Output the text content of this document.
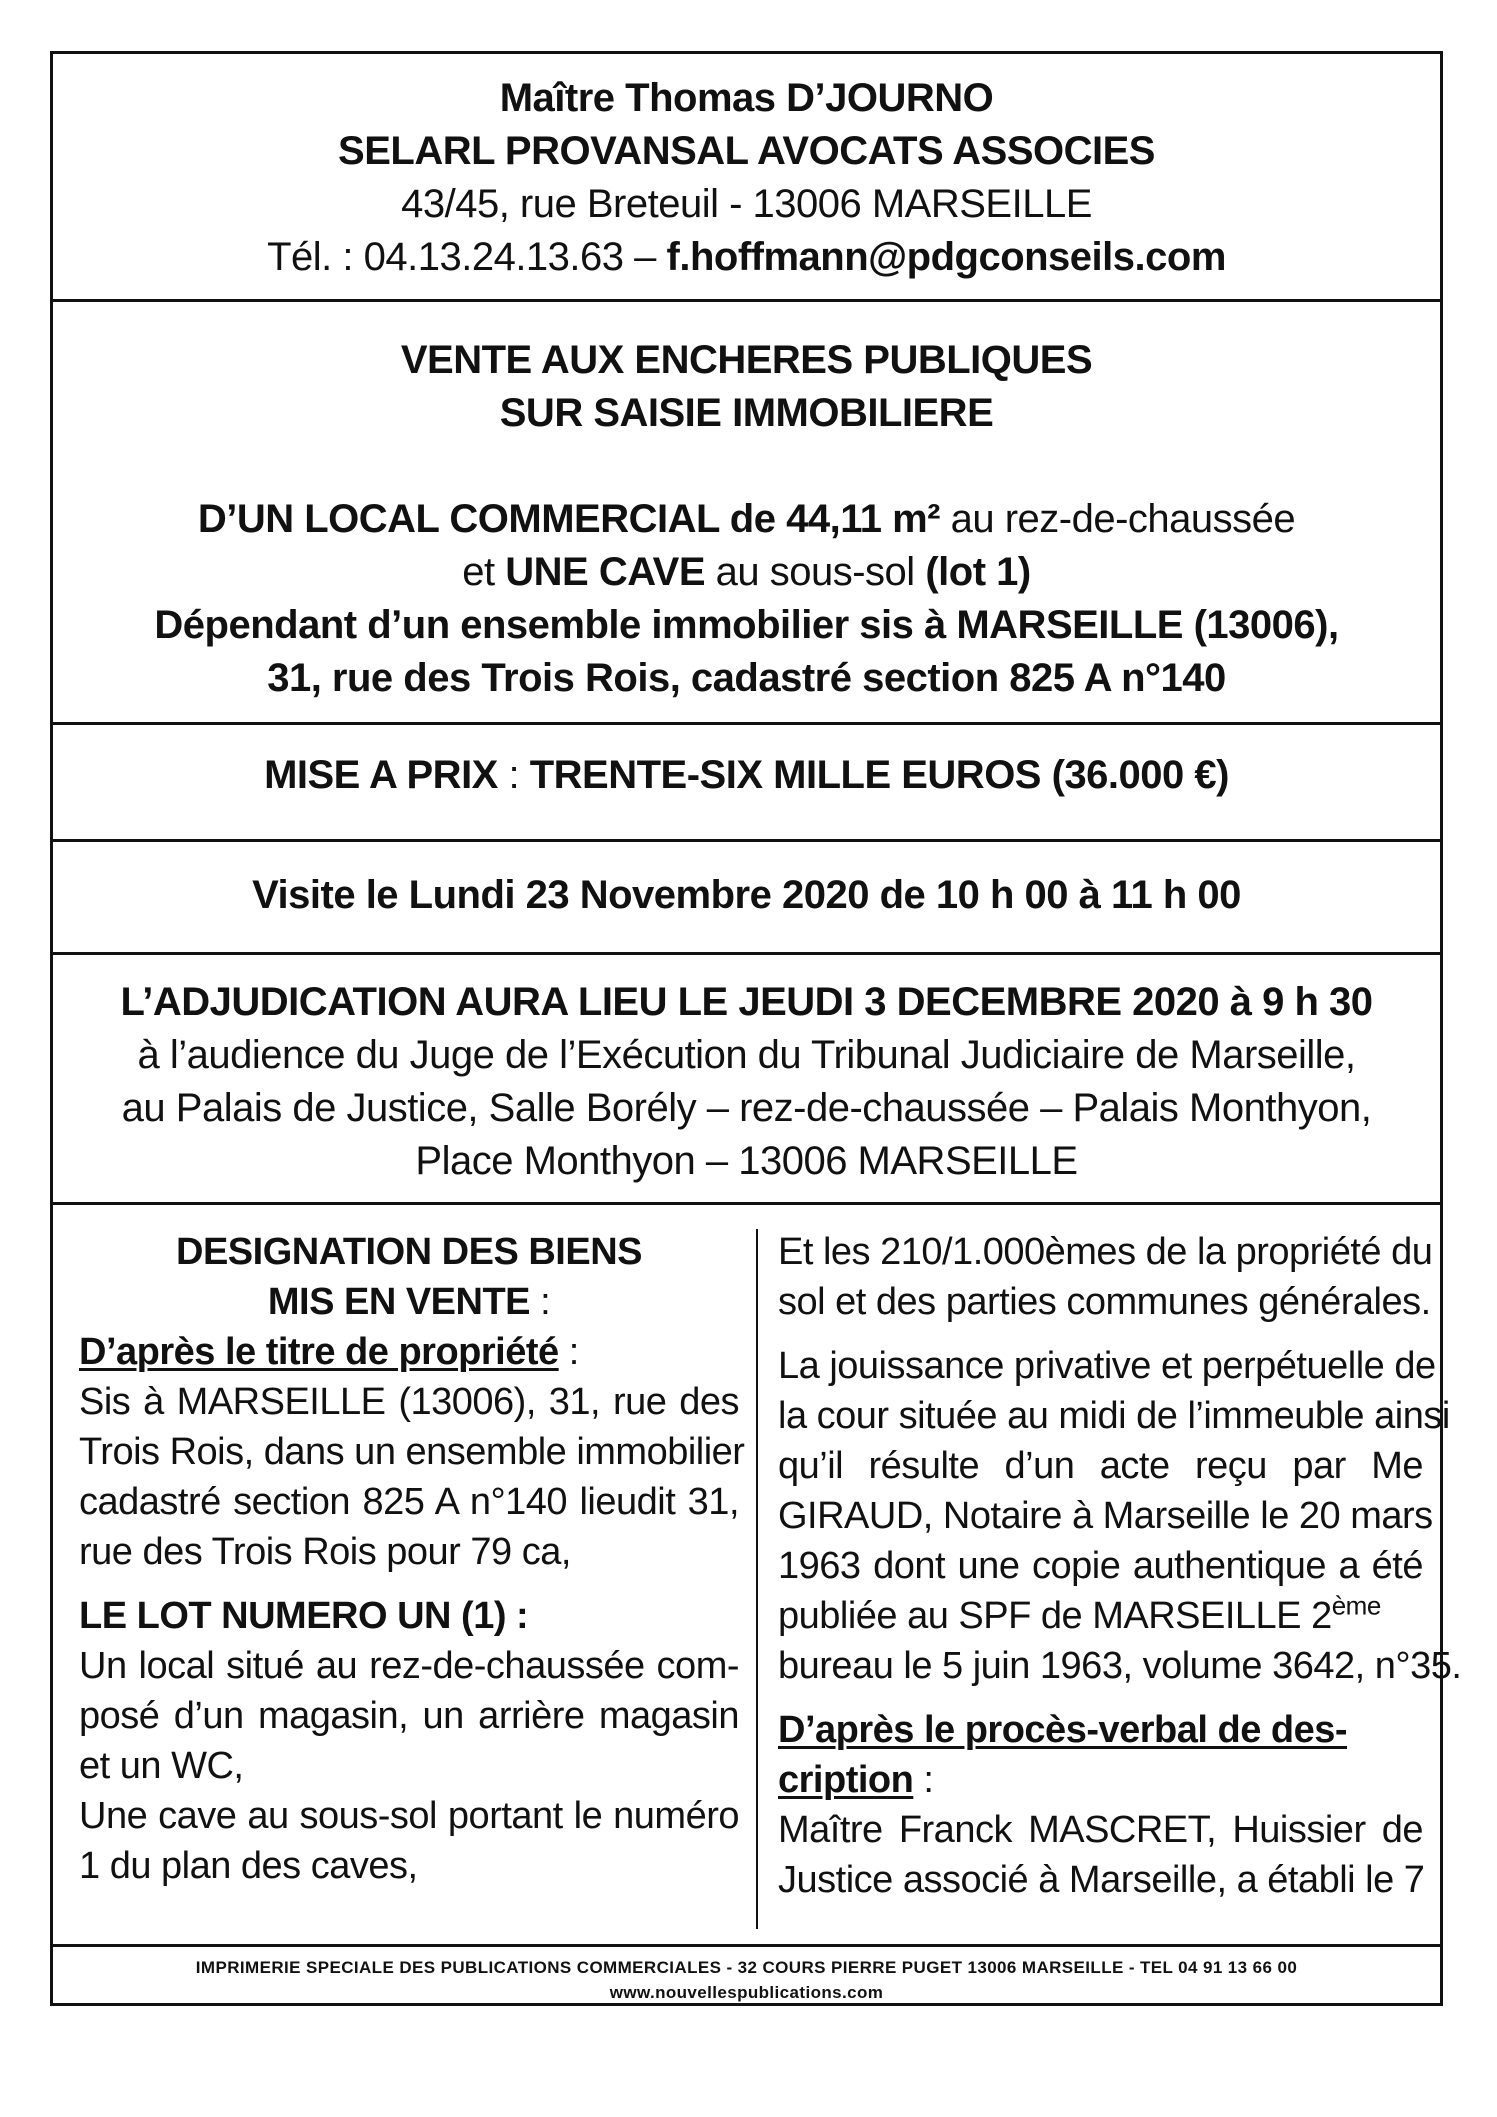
Maître Thomas D’JOURNO
SELARL PROVANSAL AVOCATS ASSOCIES
43/45, rue Breteuil - 13006 MARSEILLE
Tél. : 04.13.24.13.63 – f.hoffmann@pdgconseils.com
VENTE AUX ENCHERES PUBLIQUES
SUR SAISIE IMMOBILIERE
D’UN LOCAL COMMERCIAL de 44,11 m² au rez-de-chaussée
et UNE CAVE au sous-sol (lot 1)
Dépendant d’un ensemble immobilier sis à MARSEILLE (13006),
31, rue des Trois Rois, cadastré section 825 A n°140
MISE A PRIX : TRENTE-SIX MILLE EUROS (36.000 €)
Visite le Lundi 23 Novembre 2020 de 10 h 00 à 11 h 00
L’ADJUDICATION AURA LIEU LE JEUDI 3 DECEMBRE 2020 à 9 h 30
à l’audience du Juge de l’Exécution du Tribunal Judiciaire de Marseille,
au Palais de Justice, Salle Borély – rez-de-chaussée – Palais Monthyon,
Place Monthyon – 13006 MARSEILLE
DESIGNATION DES BIENS
MIS EN VENTE :
D’après le titre de propriété :
Sis à MARSEILLE (13006), 31, rue des
Trois Rois, dans un ensemble immobilier
cadastré section 825 A n°140 lieudit 31,
rue des Trois Rois pour 79 ca,
LE LOT NUMERO UN (1) :
Un local situé au rez-de-chaussée com-
posé d’un magasin, un arrière magasin
et un WC,
Une cave au sous-sol portant le numéro
1 du plan des caves,
Et les 210/1.000èmes de la propriété du
sol et des parties communes générales.
La jouissance privative et perpétuelle de
la cour située au midi de l’immeuble ainsi
qu’il résulte d’un acte reçu par Me
GIRAUD, Notaire à Marseille le 20 mars
1963 dont une copie authentique a été
publiée au SPF de MARSEILLE 2ème
bureau le 5 juin 1963, volume 3642, n°35.
D’après le procès-verbal de des-
cription :
Maître Franck MASCRET, Huissier de
Justice associé à Marseille, a établi le 7
IMPRIMERIE SPECIALE DES PUBLICATIONS COMMERCIALES - 32 COURS PIERRE PUGET 13006 MARSEILLE - TEL 04 91 13 66 00
www.nouvellespublications.com
